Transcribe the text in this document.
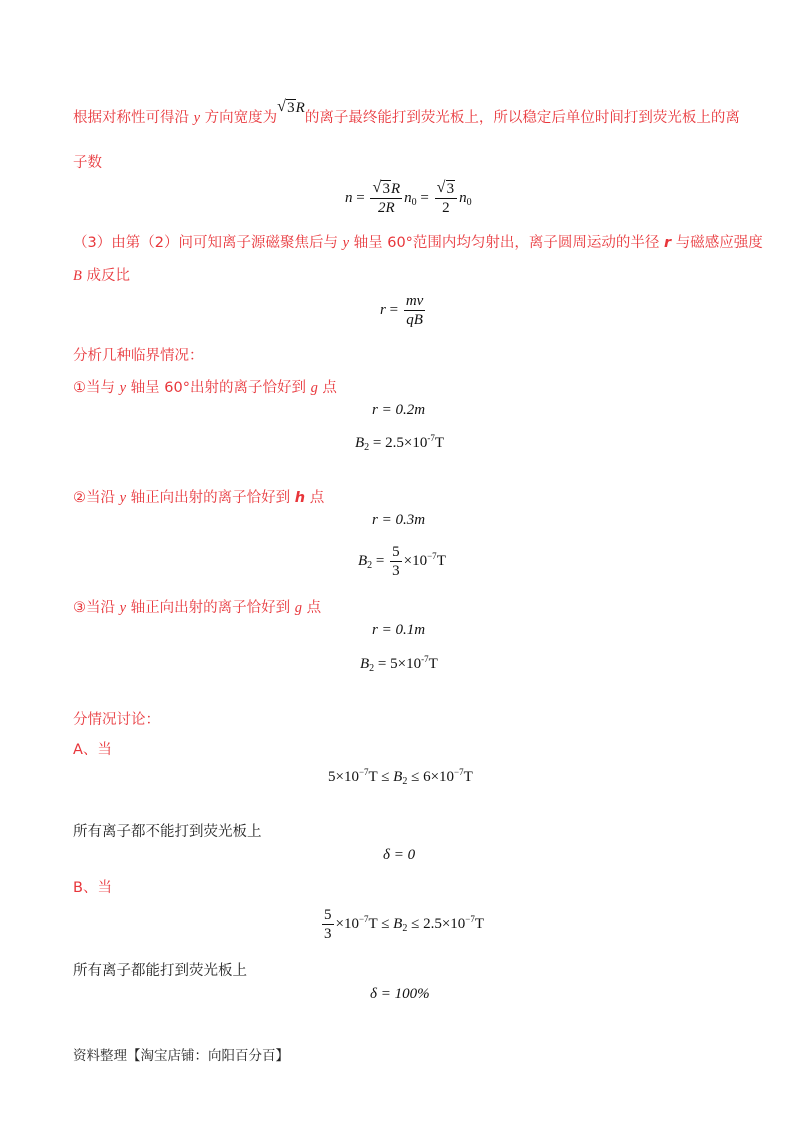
根据对称性可得沿 y 方向宽度为
√ 3R的离子最终能打到荧光板上，所以稳定后单位时间打到荧光板上的离
子数
$n = \frac{√ 3R}{2R} n_0 = \frac{√ 3}{2} n_0$
（3）由第（2）问可知离子源磁聚焦后与 y 轴呈 60°范围内均匀射出，离子圆周运动的半径 r 与磁感应强度
B 成反比
$r = \frac{mv}{qB}$
分析几种临界情况：
①当与 y 轴呈 60°出射的离子恰好到 g 点
r = 0.2m
$B_2 = 2.5\times 10^{-7}T$
②当沿 y 轴正向出射的离子恰好到 h 点
r = 0.3m
$B_2 = \frac{5}{3} \times 10^{-7}T$
③当沿 y 轴正向出射的离子恰好到 g 点
r = 0.1m
$B_2 = 5\times 10^{-7}T$
分情况讨论：
A、当
$5\times 10^{-7}T \le B_2 \le 6\times 10^{-7}T$
所有离子都不能打到荧光板上
δ = 0
B、当
$\frac{5}{3} \times 10^{-7}T \le B_2 \le 2.5\times 10^{-7}T$
所有离子都能打到荧光板上
δ = 100%
资料整理【淘宝店铺：向阳百分百】
